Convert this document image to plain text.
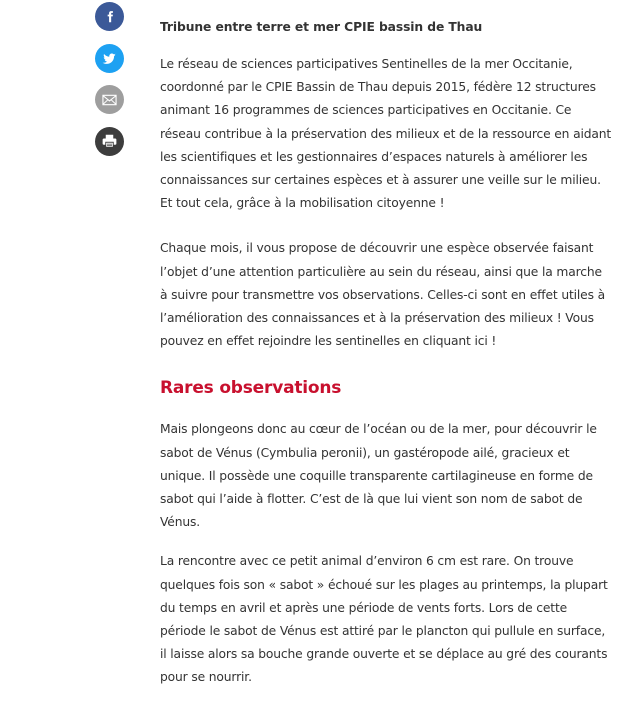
Tribune entre terre et mer CPIE bassin de Thau

Le réseau de sciences participatives Sentinelles de la mer Occitanie, coordonné par le CPIE Bassin de Thau depuis 2015, fédère 12 structures animant 16 programmes de sciences participatives en Occitanie. Ce réseau contribue à la préservation des milieux et de la ressource en aidant les scientifiques et les gestionnaires d’espaces naturels à améliorer les connaissances sur certaines espèces et à assurer une veille sur le milieu. Et tout cela, grâce à la mobilisation citoyenne !

Chaque mois, il vous propose de découvrir une espèce observée faisant l’objet d’une attention particulière au sein du réseau, ainsi que la marche à suivre pour transmettre vos observations. Celles-ci sont en effet utiles à l’amélioration des connaissances et à la préservation des milieux ! Vous pouvez en effet rejoindre les sentinelles en cliquant ici !

Rares observations

Mais plongeons donc au cœur de l’océan ou de la mer, pour découvrir le sabot de Vénus (Cymbulia peronii), un gastéropode ailé, gracieux et unique. Il possède une coquille transparente cartilagineuse en forme de sabot qui l’aide à flotter. C’est de là que lui vient son nom de sabot de Vénus.

La rencontre avec ce petit animal d’environ 6 cm est rare. On trouve quelques fois son « sabot » échoué sur les plages au printemps, la plupart du temps en avril et après une période de vents forts. Lors de cette période le sabot de Vénus est attiré par le plancton qui pullule en surface, il laisse alors sa bouche grande ouverte et se déplace au gré des courants pour se nourrir.
